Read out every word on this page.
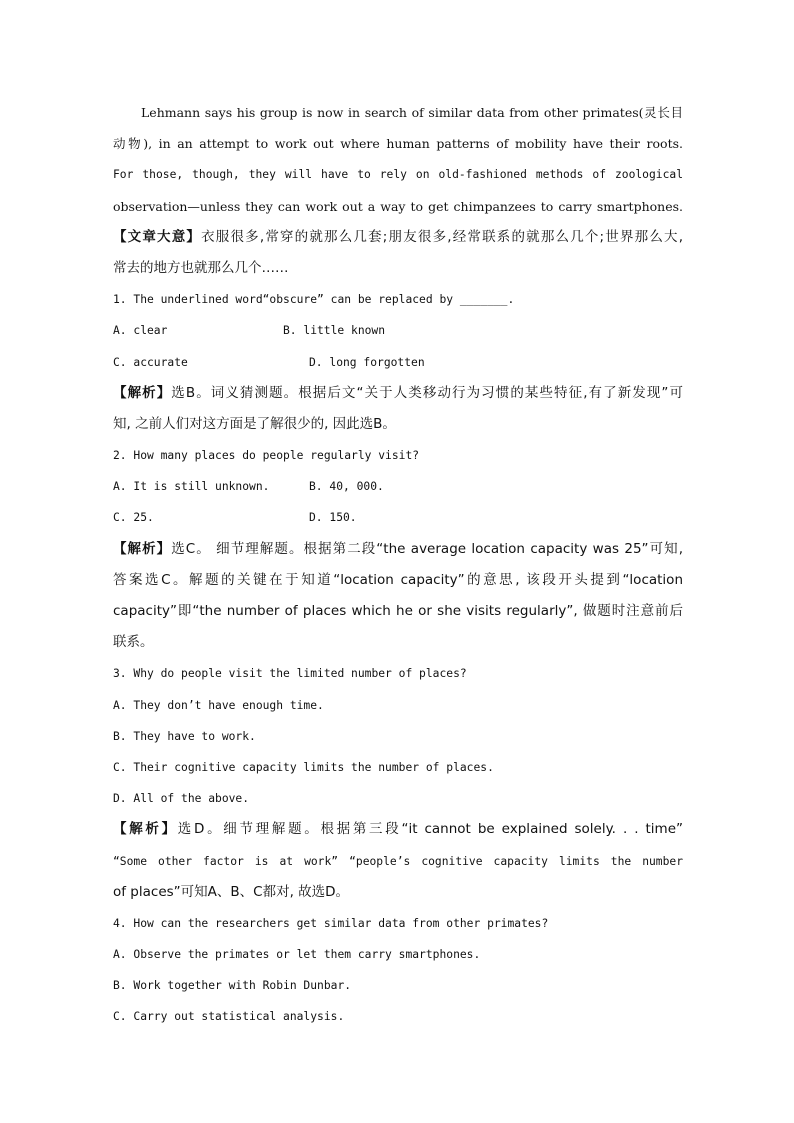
Lehmann says his group is now in search of similar data from other primates(灵长目
动物), in an attempt to work out where human patterns of mobility have their roots.
For those, though, they will have to rely on old-fashioned methods of zoological
observation—unless they can work out a way to get chimpanzees to carry smartphones.
【文章大意】衣服很多,常穿的就那么几套;朋友很多,经常联系的就那么几个;世界那么大,
常去的地方也就那么几个……
1. The underlined word“obscure” can be replaced by _______.
A. clear	B. little known
C. accurate	D. long forgotten
【解析】选B。词义猜测题。根据后文“关于人类移动行为习惯的某些特征,有了新发现”可
知, 之前人们对这方面是了解很少的, 因此选B。
2. How many places do people regularly visit?
A. It is still unknown.	B. 40, 000.
C. 25.	D. 150.
【解析】选C。 细节理解题。根据第二段“the average location capacity was 25”可知,
答案选C。解题的关键在于知道“location capacity”的意思, 该段开头提到“location
capacity”即“the number of places which he or she visits regularly”, 做题时注意前后
联系。
3. Why do people visit the limited number of places?
A. They don’t have enough time.
B. They have to work.
C. Their cognitive capacity limits the number of places.
D. All of the above.
【解析】选D。细节理解题。根据第三段“it cannot be explained solely. . . time”
“Some other factor is at work” “people’s cognitive capacity limits the number
of places”可知A、B、C都对, 故选D。
4. How can the researchers get similar data from other primates?
A. Observe the primates or let them carry smartphones.
B. Work together with Robin Dunbar.
C. Carry out statistical analysis.
